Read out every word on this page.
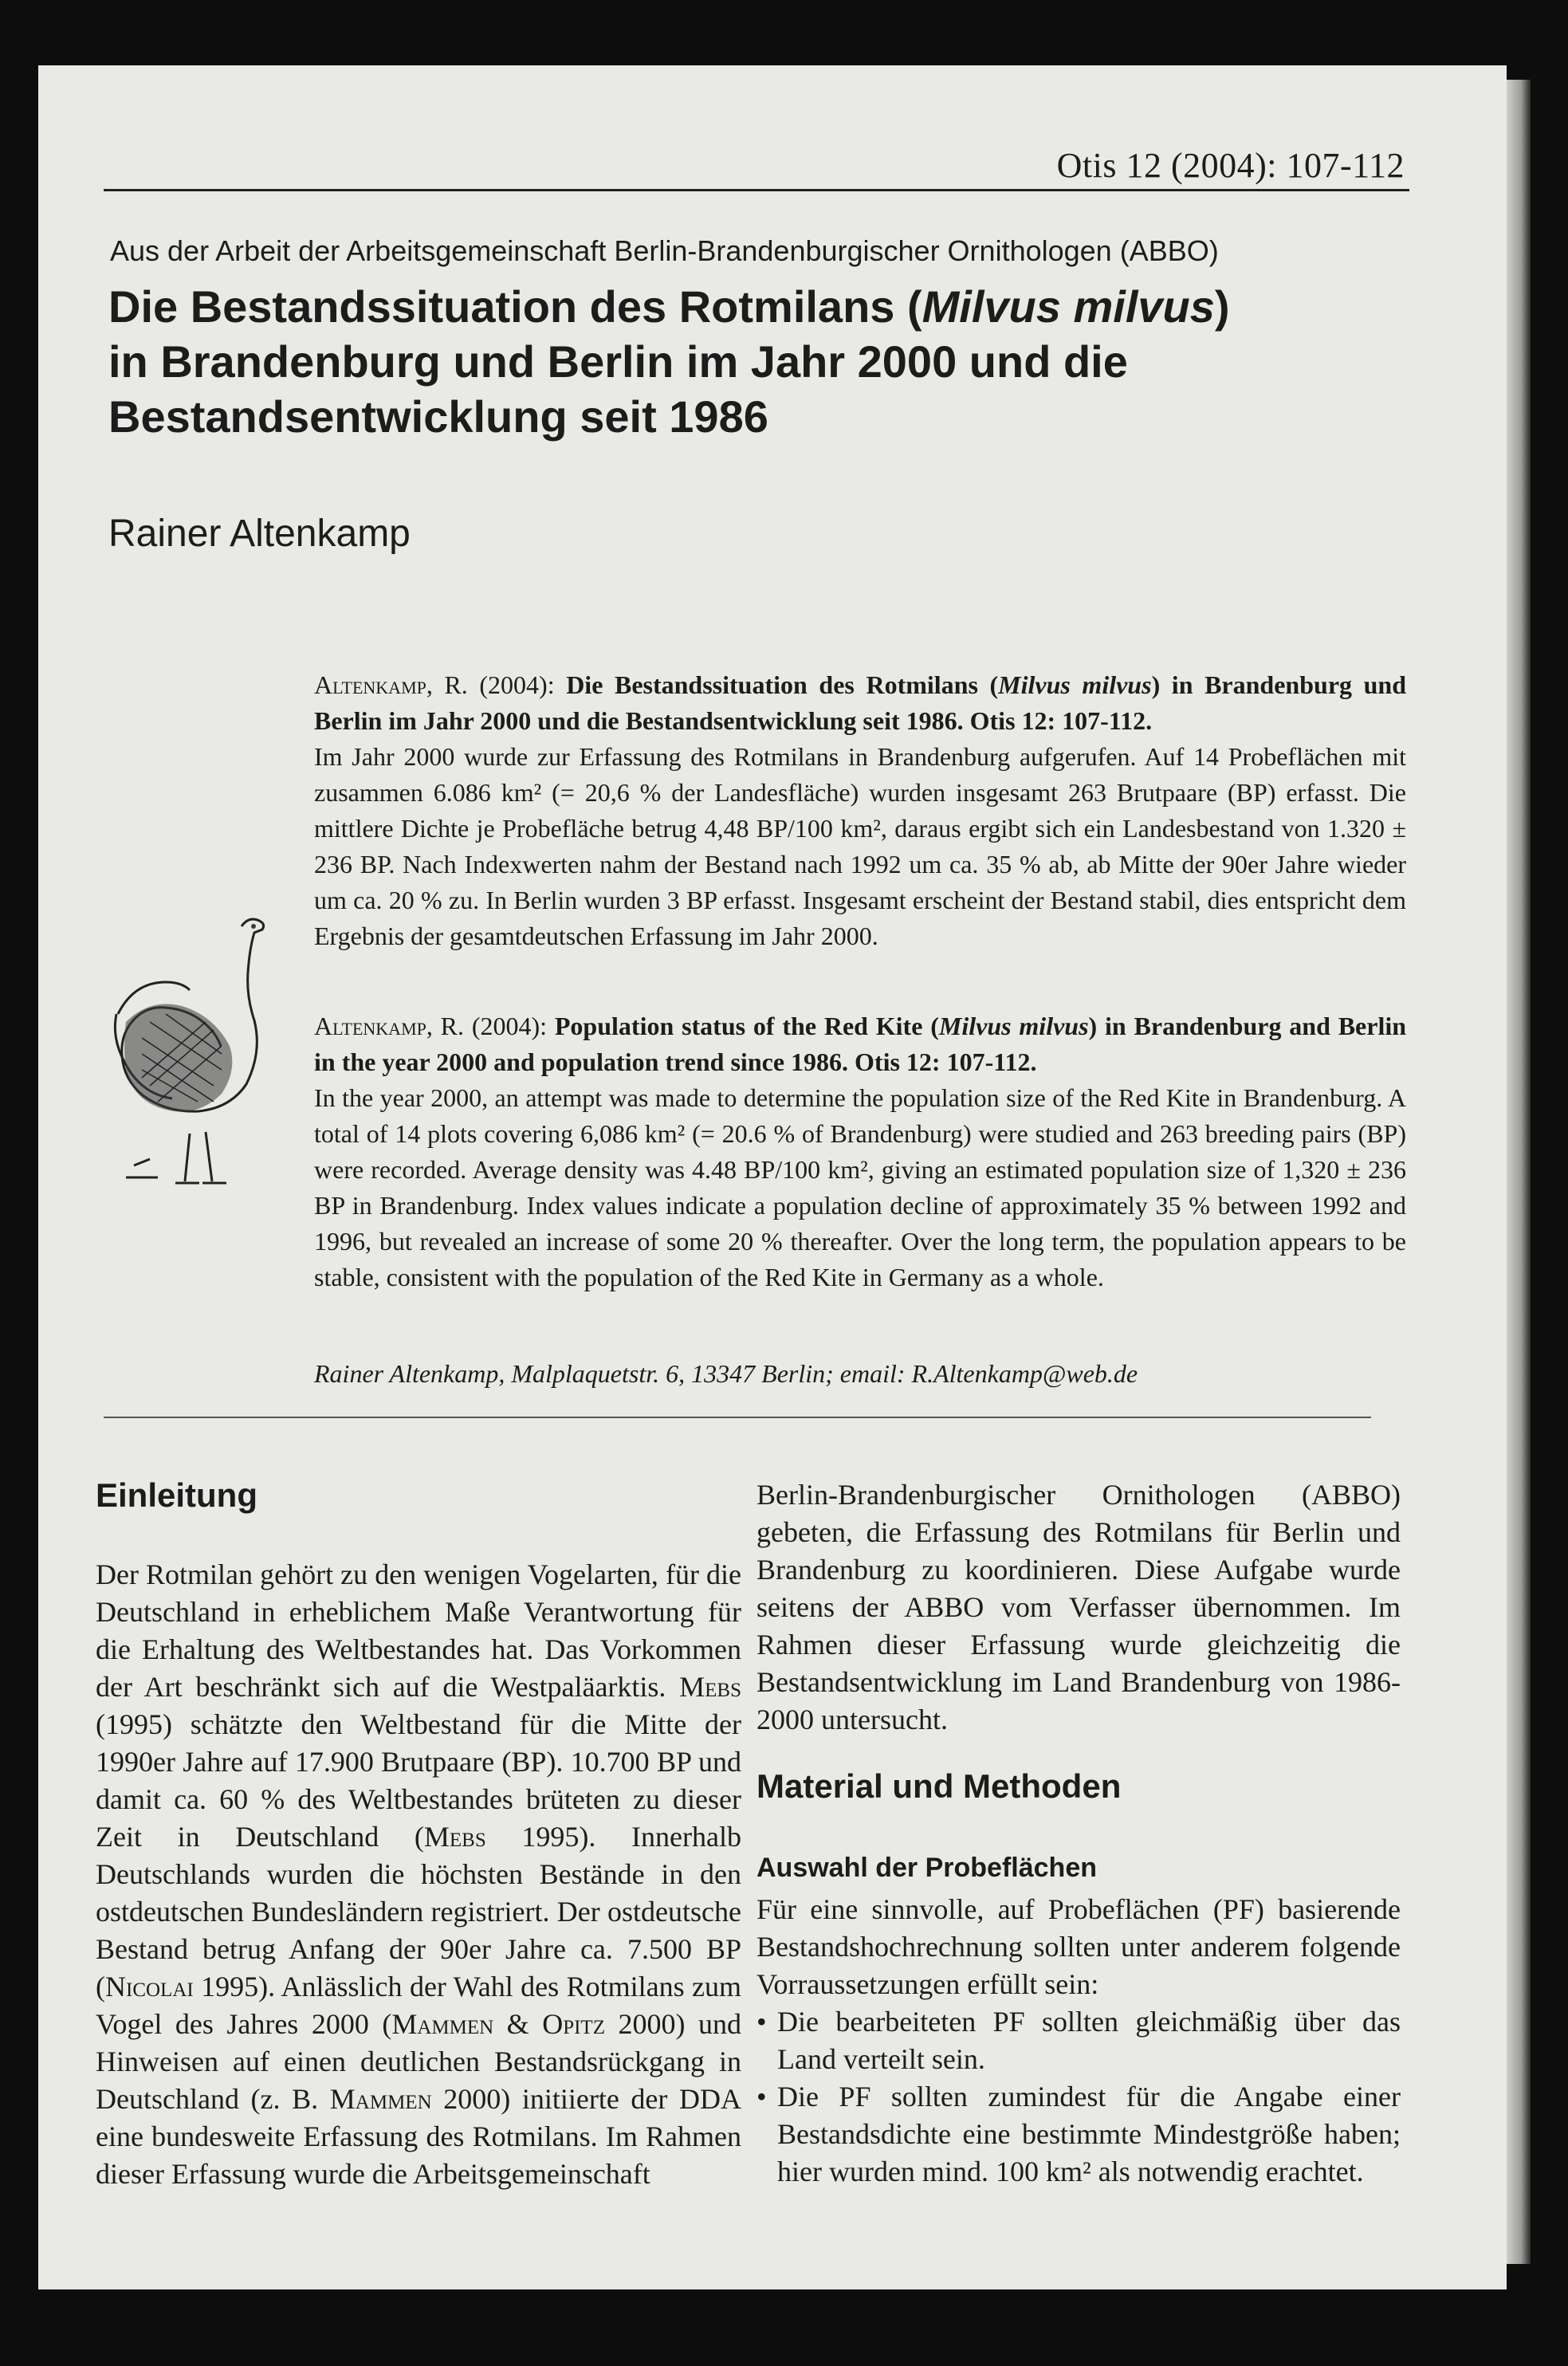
⠀	Otis 12 (2004): 107-112
Aus der Arbeit der Arbeitsgemeinschaft Berlin-Brandenburgischer Ornithologen (ABBO)
Die Bestandssituation des Rotmilans (Milvus milvus)
in Brandenburg und Berlin im Jahr 2000 und die
Bestandsentwicklung seit 1986
Rainer Altenkamp
Altenkamp, R. (2004): Die Bestandssituation des Rotmilans (Milvus milvus) in Brandenburg und Berlin im Jahr 2000 und die Bestandsentwicklung seit 1986. Otis 12: 107-112.
Im Jahr 2000 wurde zur Erfassung des Rotmilans in Brandenburg aufgerufen. Auf 14 Probeflächen mit zusammen 6.086 km² (= 20,6 % der Landesfläche) wurden insgesamt 263 Brutpaare (BP) erfasst. Die mittlere Dichte je Probefläche betrug 4,48 BP/100 km², daraus ergibt sich ein Landesbestand von 1.320 ± 236 BP. Nach Indexwerten nahm der Bestand nach 1992 um ca. 35 % ab, ab Mitte der 90er Jahre wieder um ca. 20 % zu. In Berlin wurden 3 BP erfasst. Insgesamt erscheint der Bestand stabil, dies entspricht dem Ergebnis der gesamtdeutschen Erfassung im Jahr 2000.
Altenkamp, R. (2004): Population status of the Red Kite (Milvus milvus) in Brandenburg and Berlin in the year 2000 and population trend since 1986. Otis 12: 107-112.
In the year 2000, an attempt was made to determine the population size of the Red Kite in Brandenburg. A total of 14 plots covering 6,086 km² (= 20.6 % of Brandenburg) were studied and 263 breeding pairs (BP) were recorded. Average density was 4.48 BP/100 km², giving an estimated population size of 1,320 ± 236 BP in Brandenburg. Index values indicate a population decline of approximately 35 % between 1992 and 1996, but revealed an increase of some 20 % thereafter. Over the long term, the population appears to be stable, consistent with the population of the Red Kite in Germany as a whole.
Rainer Altenkamp, Malplaquetstr. 6, 13347 Berlin; email: R.Altenkamp@web.de
Einleitung

Der Rotmilan gehört zu den wenigen Vogelarten, für die Deutschland in erheblichem Maße Verantwortung für die Erhaltung des Weltbestandes hat. Das Vorkommen der Art beschränkt sich auf die Westpaläarktis. Mebs (1995) schätzte den Weltbestand für die Mitte der 1990er Jahre auf 17.900 Brutpaare (BP). 10.700 BP und damit ca. 60 % des Weltbestandes brüteten zu dieser Zeit in Deutschland (Mebs 1995). Innerhalb Deutschlands wurden die höchsten Bestände in den ostdeutschen Bundesländern registriert. Der ostdeutsche Bestand betrug Anfang der 90er Jahre ca. 7.500 BP (Nicolai 1995). Anlässlich der Wahl des Rotmilans zum Vogel des Jahres 2000 (Mammen & Opitz 2000) und Hinweisen auf einen deutlichen Bestandsrückgang in Deutschland (z. B. Mammen 2000) initiierte der DDA eine bundesweite Erfassung des Rotmilans. Im Rahmen dieser Erfassung wurde die Arbeitsgemeinschaft

Berlin-Brandenburgischer Ornithologen (ABBO) gebeten, die Erfassung des Rotmilans für Berlin und Brandenburg zu koordinieren. Diese Aufgabe wurde seitens der ABBO vom Verfasser übernommen. Im Rahmen dieser Erfassung wurde gleichzeitig die Bestandsentwicklung im Land Brandenburg von 1986-2000 untersucht.

Material und Methoden
Auswahl der Probeflächen

Für eine sinnvolle, auf Probeflächen (PF) basierende Bestandshochrechnung sollten unter anderem folgende Vorraussetzungen erfüllt sein:

• Die bearbeiteten PF sollten gleichmäßig über das Land verteilt sein.
• Die PF sollten zumindest für die Angabe einer Bestandsdichte eine bestimmte Mindestgröße haben; hier wurden mind. 100 km² als notwendig erachtet.
